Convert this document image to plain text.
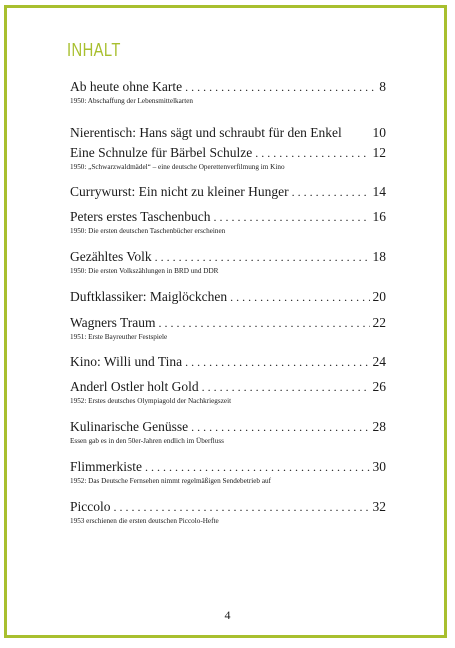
INHALT
Ab heute ohne Karte . . .	8
1950: Abschaffung der Lebensmittelkarten
Nierentisch: Hans sägt und schraubt für den Enkel 10
Eine Schnulze für Bärbel Schulze . . .	12
1950: „Schwarzwaldmädel“ – eine deutsche Operettenverfilmung im Kino
Currywurst: Ein nicht zu kleiner Hunger . . .	14
Peters erstes Taschenbuch . . .	16
1950: Die ersten deutschen Taschenbücher erscheinen
Gezähltes Volk . . .	18
1950: Die ersten Volkszählungen in BRD und DDR
Duftklassiker: Maiglöckchen . . .	20
Wagners Traum . . .	22
1951: Erste Bayreuther Festspiele
Kino: Willi und Tina . . .	24
Anderl Ostler holt Gold . . .	26
1952: Erstes deutsches Olympiagold der Nachkriegszeit
Kulinarische Genüsse . . .	28
Essen gab es in den 50er-Jahren endlich im Überfluss
Flimmerkiste . . .	30
1952: Das Deutsche Fernsehen nimmt regelmäßigen Sendebetrieb auf
Piccolo . . .	32
1953 erschienen die ersten deutschen Piccolo-Hefte
4
